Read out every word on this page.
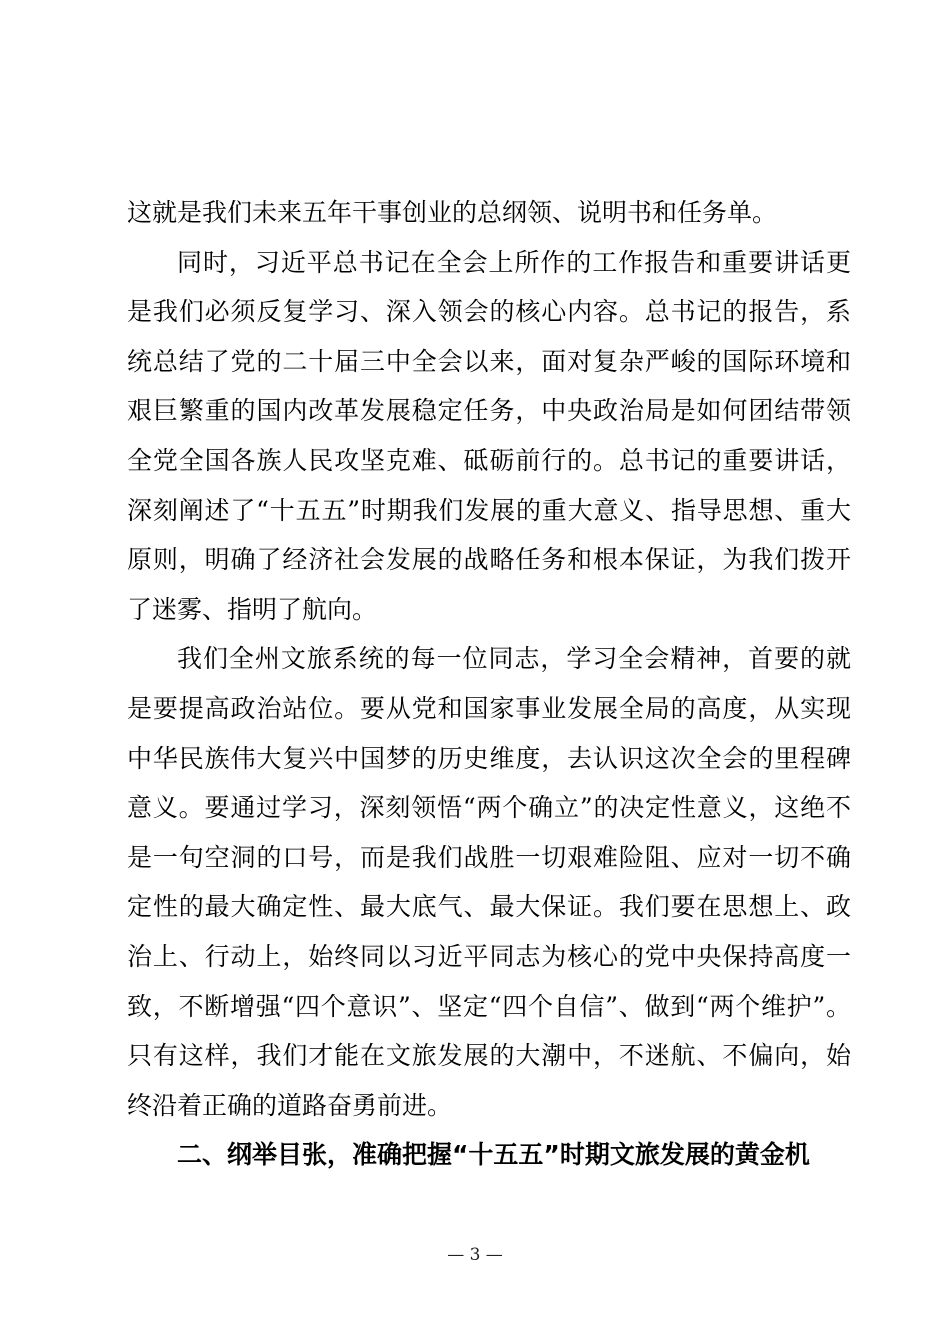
这就是我们未来五年干事创业的总纲领、说明书和任务单。

同时，习近平总书记在全会上所作的工作报告和重要讲话更是我们必须反复学习、深入领会的核心内容。总书记的报告，系统总结了党的二十届三中全会以来，面对复杂严峻的国际环境和艰巨繁重的国内改革发展稳定任务，中央政治局是如何团结带领全党全国各族人民攻坚克难、砥砺前行的。总书记的重要讲话，深刻阐述了“十五五”时期我们发展的重大意义、指导思想、重大原则，明确了经济社会发展的战略任务和根本保证，为我们拨开了迷雾、指明了航向。

我们全州文旅系统的每一位同志，学习全会精神，首要的就是要提高政治站位。要从党和国家事业发展全局的高度，从实现中华民族伟大复兴中国梦的历史维度，去认识这次全会的里程碑意义。要通过学习，深刻领悟“两个确立”的决定性意义，这绝不是一句空洞的口号，而是我们战胜一切艰难险阻、应对一切不确定性的最大确定性、最大底气、最大保证。我们要在思想上、政治上、行动上，始终同以习近平同志为核心的党中央保持高度一致，不断增强“四个意识”、坚定“四个自信”、做到“两个维护”。只有这样，我们才能在文旅发展的大潮中，不迷航、不偏向，始终沿着正确的道路奋勇前进。

二、纲举目张，准确把握“十五五”时期文旅发展的黄金机

— 3 —
